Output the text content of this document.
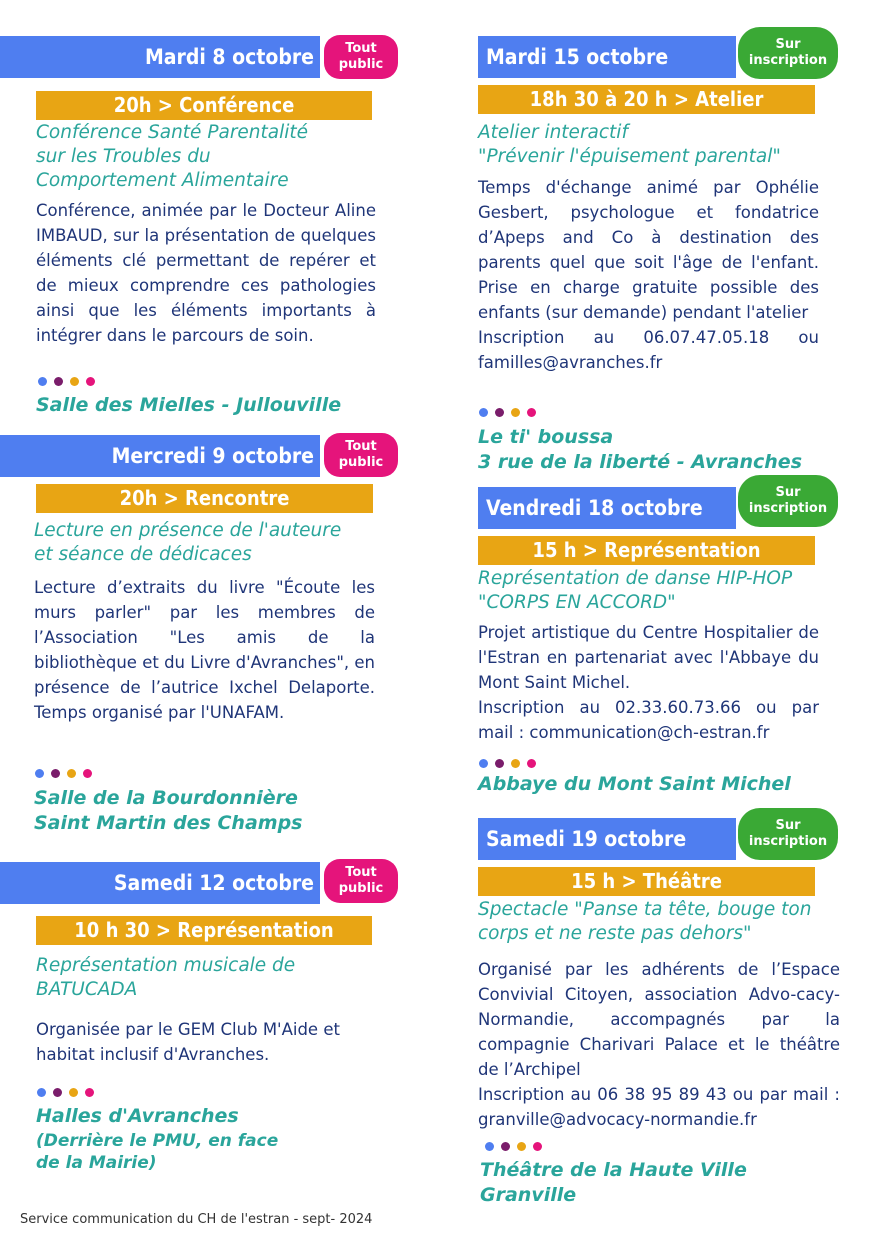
Mardi 8 octobre	Tout public
20h > Conférence
Conférence Santé Parentalité
sur les Troubles du
Comportement Alimentaire
Conférence, animée par le Docteur Aline IMBAUD, sur la présentation de quelques éléments clé permettant de repérer et de mieux comprendre ces pathologies ainsi que les éléments importants à intégrer dans le parcours de soin.
Salle des Mielles - Jullouville
Mercredi 9 octobre	Tout public
20h > Rencontre
Lecture en présence de l'auteure
et séance de dédicaces
Lecture d’extraits du livre "Écoute les murs parler" par les membres de l’Association "Les amis de la bibliothèque et du Livre d'Avranches", en présence de l’autrice Ixchel Delaporte. Temps organisé par l'UNAFAM.
Salle de la Bourdonnière
Saint Martin des Champs
Samedi 12 octobre	Tout public
10 h 30 > Représentation
Représentation musicale de
BATUCADA
Organisée par le GEM Club M'Aide et habitat inclusif d'Avranches.
Halles d'Avranches
(Derrière le PMU, en face
de la Mairie)
Service communication du CH de l'estran - sept- 2024
Mardi 15 octobre
Sur inscription
18h 30 à 20 h > Atelier
Atelier interactif
"Prévenir l'épuisement parental"
Temps d'échange animé par Ophélie Gesbert, psychologue et fondatrice d’Apeps and Co à destination des parents quel que soit l'âge de l'enfant. Prise en charge gratuite possible des enfants (sur demande) pendant l'atelier
Inscription au 06.07.47.05.18 ou familles@avranches.fr
Le ti' boussa
3 rue de la liberté - Avranches
Vendredi 18 octobre
Sur inscription
15 h > Représentation
Représentation de danse HIP-HOP
"CORPS EN ACCORD"
Projet artistique du Centre Hospitalier de l'Estran en partenariat avec l'Abbaye du Mont Saint Michel.
Inscription au 02.33.60.73.66 ou par mail : communication@ch-estran.fr
Abbaye du Mont Saint Michel
Samedi 19 octobre
Sur inscription
15 h > Théâtre
Spectacle "Panse ta tête, bouge ton
corps et ne reste pas dehors"
Organisé par les adhérents de l’Espace Convivial Citoyen, association Advo-cacy-Normandie, accompagnés par la compagnie Charivari Palace et le théâtre de l’Archipel
Inscription au 06 38 95 89 43 ou par mail : granville@advocacy-normandie.fr
Théâtre de la Haute Ville
Granville
